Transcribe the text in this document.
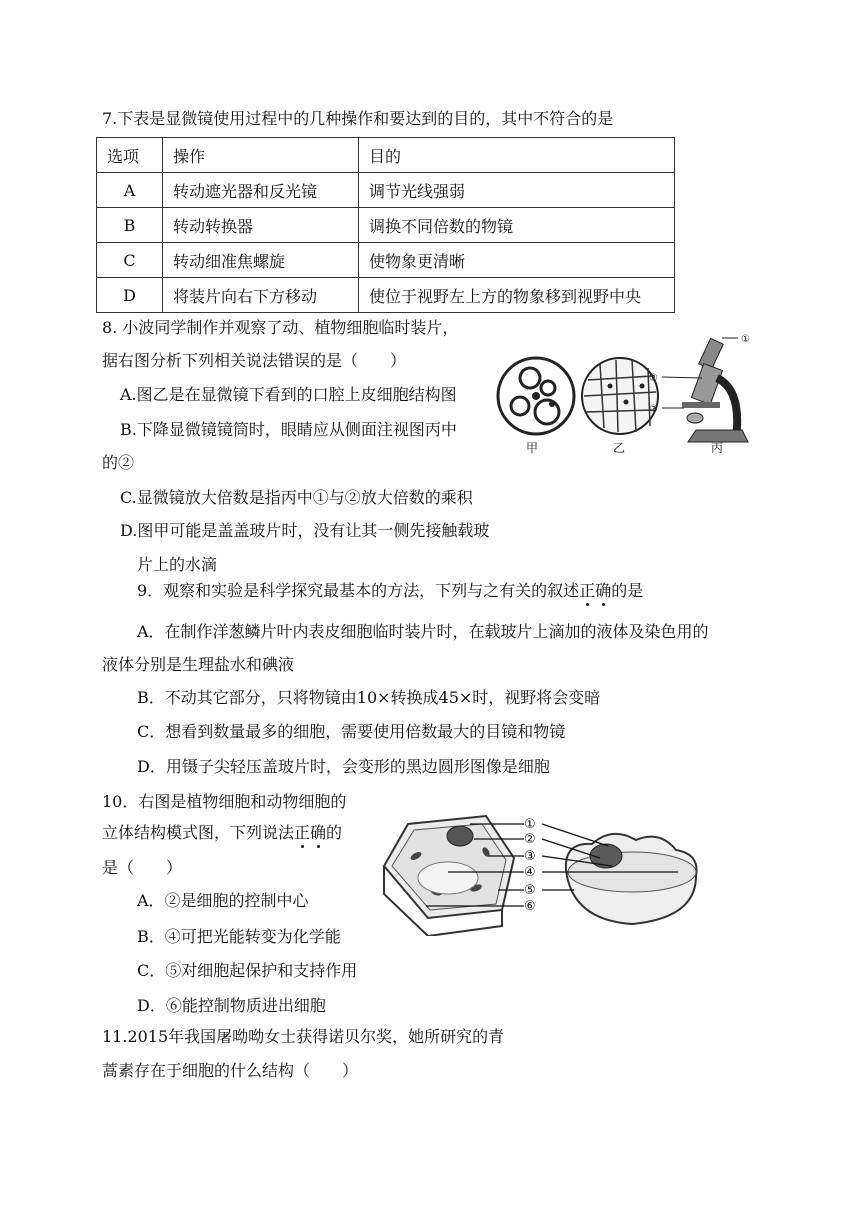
7.下表是显微镜使用过程中的几种操作和要达到的目的，其中不符合的是
选项	操作	目的
A	转动遮光器和反光镜	调节光线强弱
B	转动转换器	调换不同倍数的物镜
C	转动细准焦螺旋	使物象更清晰
D	将装片向右下方移动	使位于视野左上方的物象移到视野中央
8. 小波同学制作并观察了动、植物细胞临时装片，
据右图分析下列相关说法错误的是（　　）
A.图乙是在显微镜下看到的口腔上皮细胞结构图
B.下降显微镜镜筒时，眼睛应从侧面注视图丙中
的②
C.显微镜放大倍数是指丙中①与②放大倍数的乘积
D.图甲可能是盖盖玻片时，没有让其一侧先接触载玻
片上的水滴
甲	乙
②
③
①
丙
9．观察和实验是科学探究最基本的方法，下列与之有关的叙述正确的是
A．在制作洋葱鳞片叶内表皮细胞临时装片时，在载玻片上滴加的液体及染色用的
液体分别是生理盐水和碘液
B．不动其它部分，只将物镜由10×转换成45×时，视野将会变暗
C．想看到数量最多的细胞，需要使用倍数最大的目镜和物镜
D．用镊子尖轻压盖玻片时，会变形的黑边圆形图像是细胞
10．右图是植物细胞和动物细胞的
立体结构模式图，下列说法正确的
是（　　）
A．②是细胞的控制中心
B．④可把光能转变为化学能
C．⑤对细胞起保护和支持作用
D．⑥能控制物质进出细胞
①
②
③
④
⑤
⑥
11.2015年我国屠呦呦女士获得诺贝尔奖，她所研究的青
蒿素存在于细胞的什么结构（　　）
